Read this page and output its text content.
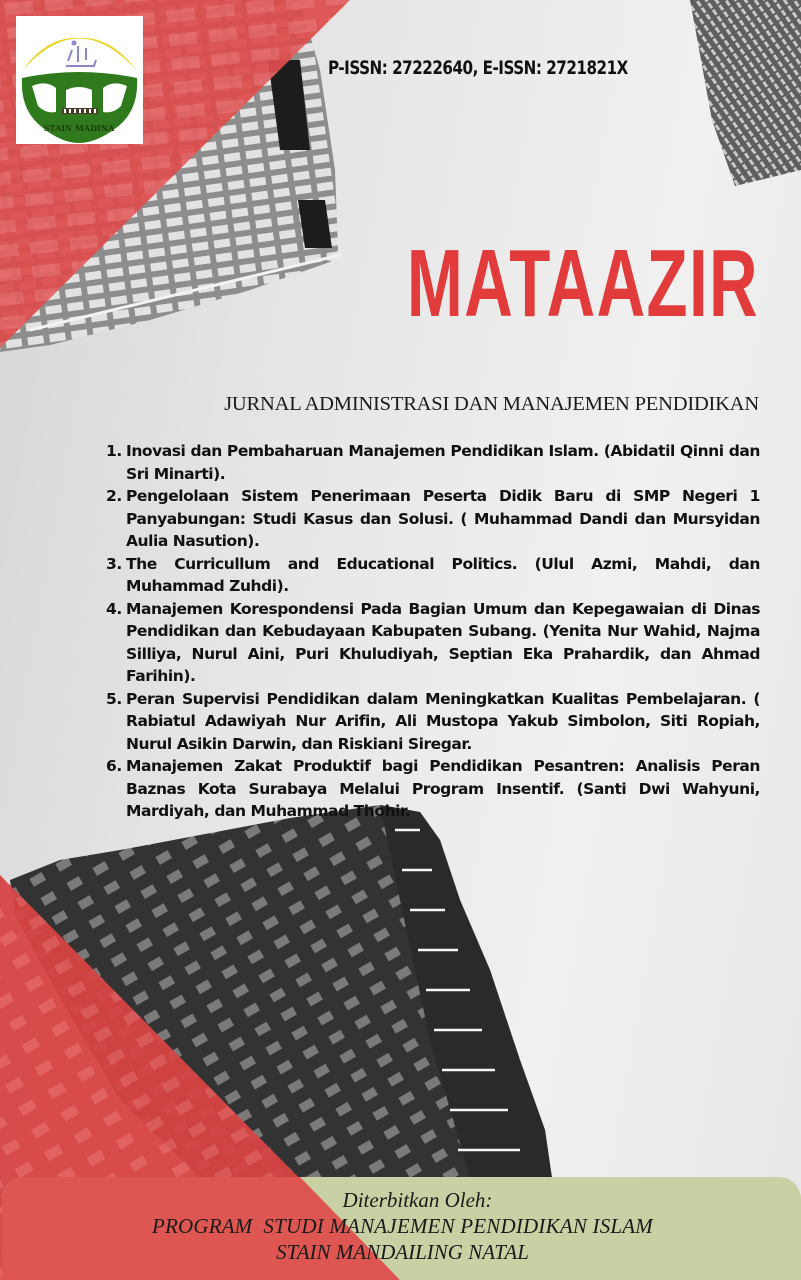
STAIN MADINA
P-ISSN: 27222640, E-ISSN: 2721821X
MATAAZIR
JURNAL ADMINISTRASI DAN MANAJEMEN PENDIDIKAN
1. Inovasi dan Pembaharuan Manajemen Pendidikan Islam. (Abidatil Qinni dan Sri Minarti).
2. Pengelolaan Sistem Penerimaan Peserta Didik Baru di SMP Negeri 1 Panyabungan: Studi Kasus dan Solusi. ( Muhammad Dandi dan Mursyidan Aulia Nasution).
3. The Curricullum and Educational Politics. (Ulul Azmi, Mahdi, dan Muhammad Zuhdi).
4. Manajemen Korespondensi Pada Bagian Umum dan Kepegawaian di Dinas Pendidikan dan Kebudayaan Kabupaten Subang. (Yenita Nur Wahid, Najma Silliya, Nurul Aini, Puri Khuludiyah, Septian Eka Prahardik, dan Ahmad Farihin).
5. Peran Supervisi Pendidikan dalam Meningkatkan Kualitas Pembelajaran. ( Rabiatul Adawiyah Nur Arifin, Ali Mustopa Yakub Simbolon, Siti Ropiah, Nurul Asikin Darwin, dan Riskiani Siregar.
6. Manajemen Zakat Produktif bagi Pendidikan Pesantren: Analisis Peran Baznas Kota Surabaya Melalui Program Insentif. (Santi Dwi Wahyuni, Mardiyah, dan Muhammad Thohir.
Diterbitkan Oleh:
PROGRAM  STUDI MANAJEMEN PENDIDIKAN ISLAM
STAIN MANDAILING NATAL
